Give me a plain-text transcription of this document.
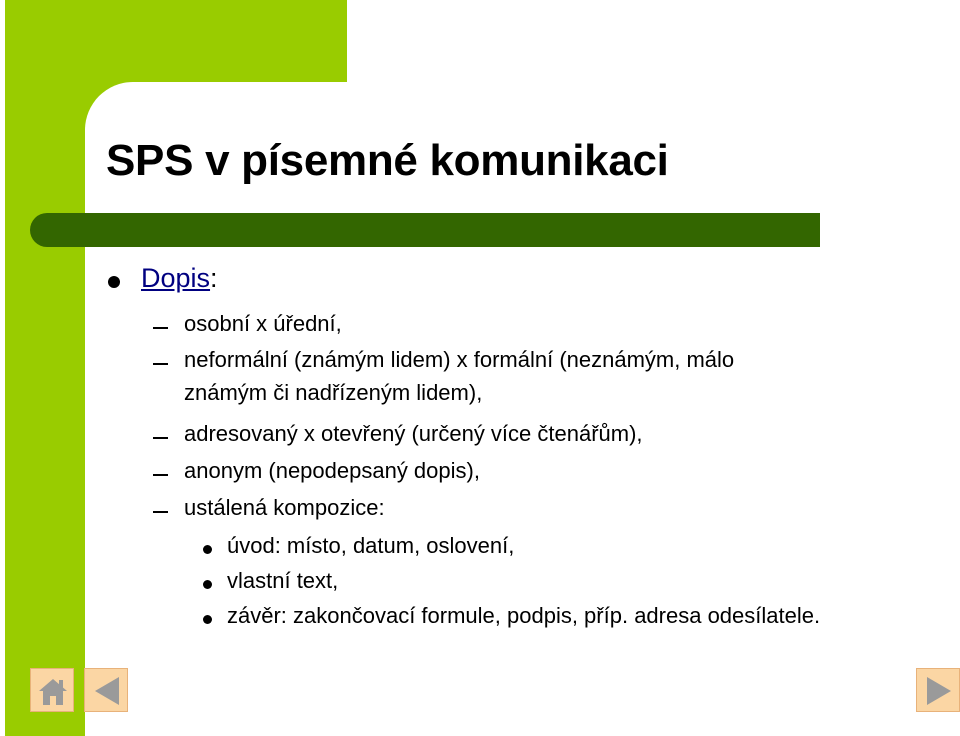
SPS v písemné komunikaci
Dopis:
osobní x úřední,
neformální (známým lidem) x formální (neznámým, málo
známým či nadřízeným lidem),
adresovaný x otevřený (určený více čtenářům),
anonym (nepodepsaný dopis),
ustálená kompozice:
úvod: místo, datum, oslovení,
vlastní text,
závěr: zakončovací formule, podpis, příp. adresa odesílatele.
